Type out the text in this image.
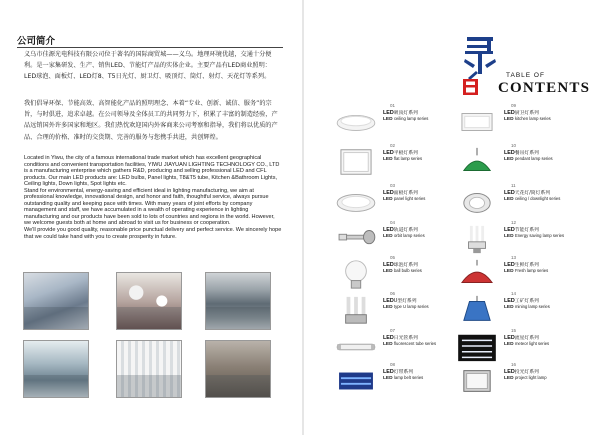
公司简介

义乌市佳源光电科技有限公司位于著名的国际商贸城——义乌。地理环境优越，交通十分便利。是一家集研发、生产、销售LED、节能灯产品的实体企业。主要产品有LED商业照明：LED球泡、面板灯、LED灯8、T5日光灯、厨卫灯、吸顶灯、筒灯、射灯、天花灯等系列。

我们倡导环保、节能高效、高智能化产品的照明理念、本着“专业、创新、诚信、服务”的宗旨，与时俱进，追求卓越。在公司领导及全体员工的共同努力下，积累了丰富的制造经验，产品远销国外许多国家和地区。我们热忱欢迎国内外客商来公司考察和指导，我们将以优质的产品、合理的价格、准时的交货期、完善的服务与您携手共进，共创辉煌。

Located in Yiwu, the city of a famous international trade market which has excellent geographical conditions and convenient transportation facilities, YIWU JIAYUAN LIGHTING TECHNOLOGY CO., LTD is a manufacturing enterprise which gathers R&D, producing and selling professional LED and CFL products. Our main LED products are: LED bulbs, Panel lights, T8&T5 tube, Kitchen &Bathroom Lights, Ceiling lights, Down lights, Spot lights etc.

Stand for environmental, energy-saving and efficient ideal in lighting manufacturing, we aim at professional knowledge, innovational design, and honor and faith, thoughtful service, always pursue outstanding quality and keeping pace with times. With many years of joint efforts by company management and staff, we have accumulated in a wealth of operating experience in lighting manufacturing and our products have been sold to lots of countries and regions in the world. However, we welcome guests both at home and abroad to visit us for business or cooperation.

We'll provide you good quality, reasonable price punctual delivery and perfect service. We sincerely hope that we could take hand with you to create prosperity in future.

TABLE OF
CONTENTS
01
LED吸顶灯系列
LED ceiling lamp series
02
LED平板灯系列
LED flat lamp series
03
LED面板灯系列
LED panel light series
04
LED轨道灯系列
LED orbit lamp series
05
LED球泡灯系列
LED ball bulb series
06
LEDU型灯系列
LED type U lamp series
07
LED日光管系列
LED fluorescent tube series
08
LED灯带系列
LED lamp belt series
09
LED厨卫灯系列
LED kitchen lamp series
10
LED餐吊灯系列
LED pendant lamp series
11
LED天花灯/筒灯系列
LED ceiling / downlight series
12
LED节能灯系列
LED Energy saving lamp series
13
LED生鲜灯系列
LED Fresh lamp series
14
LED工矿灯系列
LED mining lamp series
15
LED流星灯系列
LED meteor light series
16
LED投光灯系列
LED project light lamp
